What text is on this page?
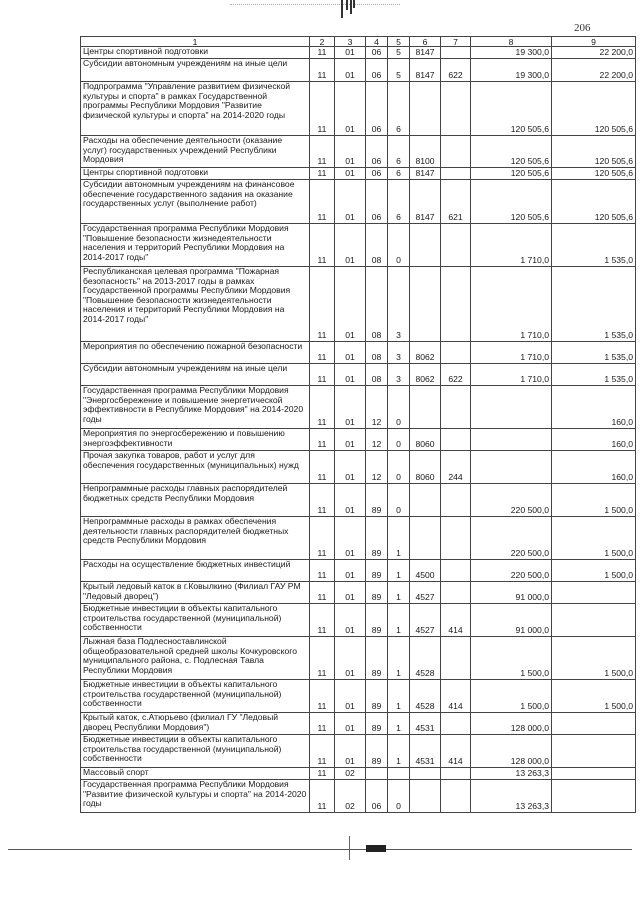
206
1	2	3	4	5	6	7	8	9
Центры спортивной подготовки	11	01	06	5	8147		19 300,0	22 200,0
Субсидии автономным учреждениям на иные цели	11	01	06	5	8147	622	19 300,0	22 200,0
Подпрограмма "Управление развитием физической культуры и спорта" в рамках Государственной программы Республики Мордовия "Развитие физической культуры и спорта" на 2014-2020 годы	11	01	06	6			120 505,6	120 505,6
Расходы на обеспечение деятельности (оказание услуг) государственных учреждений Республики Мордовия	11	01	06	6	8100		120 505,6	120 505,6
Центры спортивной подготовки	11	01	06	6	8147		120 505,6	120 505,6
Субсидии автономным учреждениям на финансовое обеспечение государственного задания на оказание государственных услуг (выполнение работ)	11	01	06	6	8147	621	120 505,6	120 505,6
Государственная программа Республики Мордовия "Повышение безопасности жизнедеятельности населения и территорий Республики Мордовия на 2014-2017 годы"	11	01	08	0			1 710,0	1 535,0
Республиканская целевая программа "Пожарная безопасность" на 2013-2017 годы в рамках Государственной программы Республики Мордовия "Повышение безопасности жизнедеятельности населения и территорий Республики Мордовия на 2014-2017 годы"	11	01	08	3			1 710,0	1 535,0
Мероприятия по обеспечению пожарной безопасности	11	01	08	3	8062		1 710,0	1 535,0
Субсидии автономным учреждениям на иные цели	11	01	08	3	8062	622	1 710,0	1 535,0
Государственная программа Республики Мордовия "Энергосбережение и повышение энергетической эффективности в Республике Мордовия" на 2014-2020 годы	11	01	12	0				160,0
Мероприятия по энергосбережению и повышению энергоэффективности	11	01	12	0	8060			160,0
Прочая закупка товаров, работ и услуг для обеспечения государственных (муниципальных) нужд	11	01	12	0	8060	244		160,0
Непрограммные расходы главных распорядителей бюджетных средств Республики Мордовия	11	01	89	0			220 500,0	1 500,0
Непрограммные расходы в рамках обеспечения деятельности главных распорядителей бюджетных средств Республики Мордовия	11	01	89	1			220 500,0	1 500,0
Расходы на осуществление бюджетных инвестиций	11	01	89	1	4500		220 500,0	1 500,0
Крытый ледовый каток в г.Ковылкино (Филиал ГАУ РМ "Ледовый дворец")	11	01	89	1	4527		91 000,0	
Бюджетные инвестиции в объекты капитального строительства государственной (муниципальной) собственности	11	01	89	1	4527	414	91 000,0	
Лыжная база Подлесноставлинской общеобразовательной средней школы Кочкуровского муниципального района, с. Подлесная Тавла Республики Мордовия	11	01	89	1	4528		1 500,0	1 500,0
Бюджетные инвестиции в объекты капитального строительства государственной (муниципальной) собственности	11	01	89	1	4528	414	1 500,0	1 500,0
Крытый каток, с.Атюрьево (филиал ГУ "Ледовый дворец Республики Мордовия")	11	01	89	1	4531		128 000,0	
Бюджетные инвестиции в объекты капитального строительства государственной (муниципальной) собственности	11	01	89	1	4531	414	128 000,0	
Массовый спорт	11	02					13 263,3	
Государственная программа Республики Мордовия "Развитие физической культуры и спорта" на 2014-2020 годы	11	02	06	0			13 263,3	
